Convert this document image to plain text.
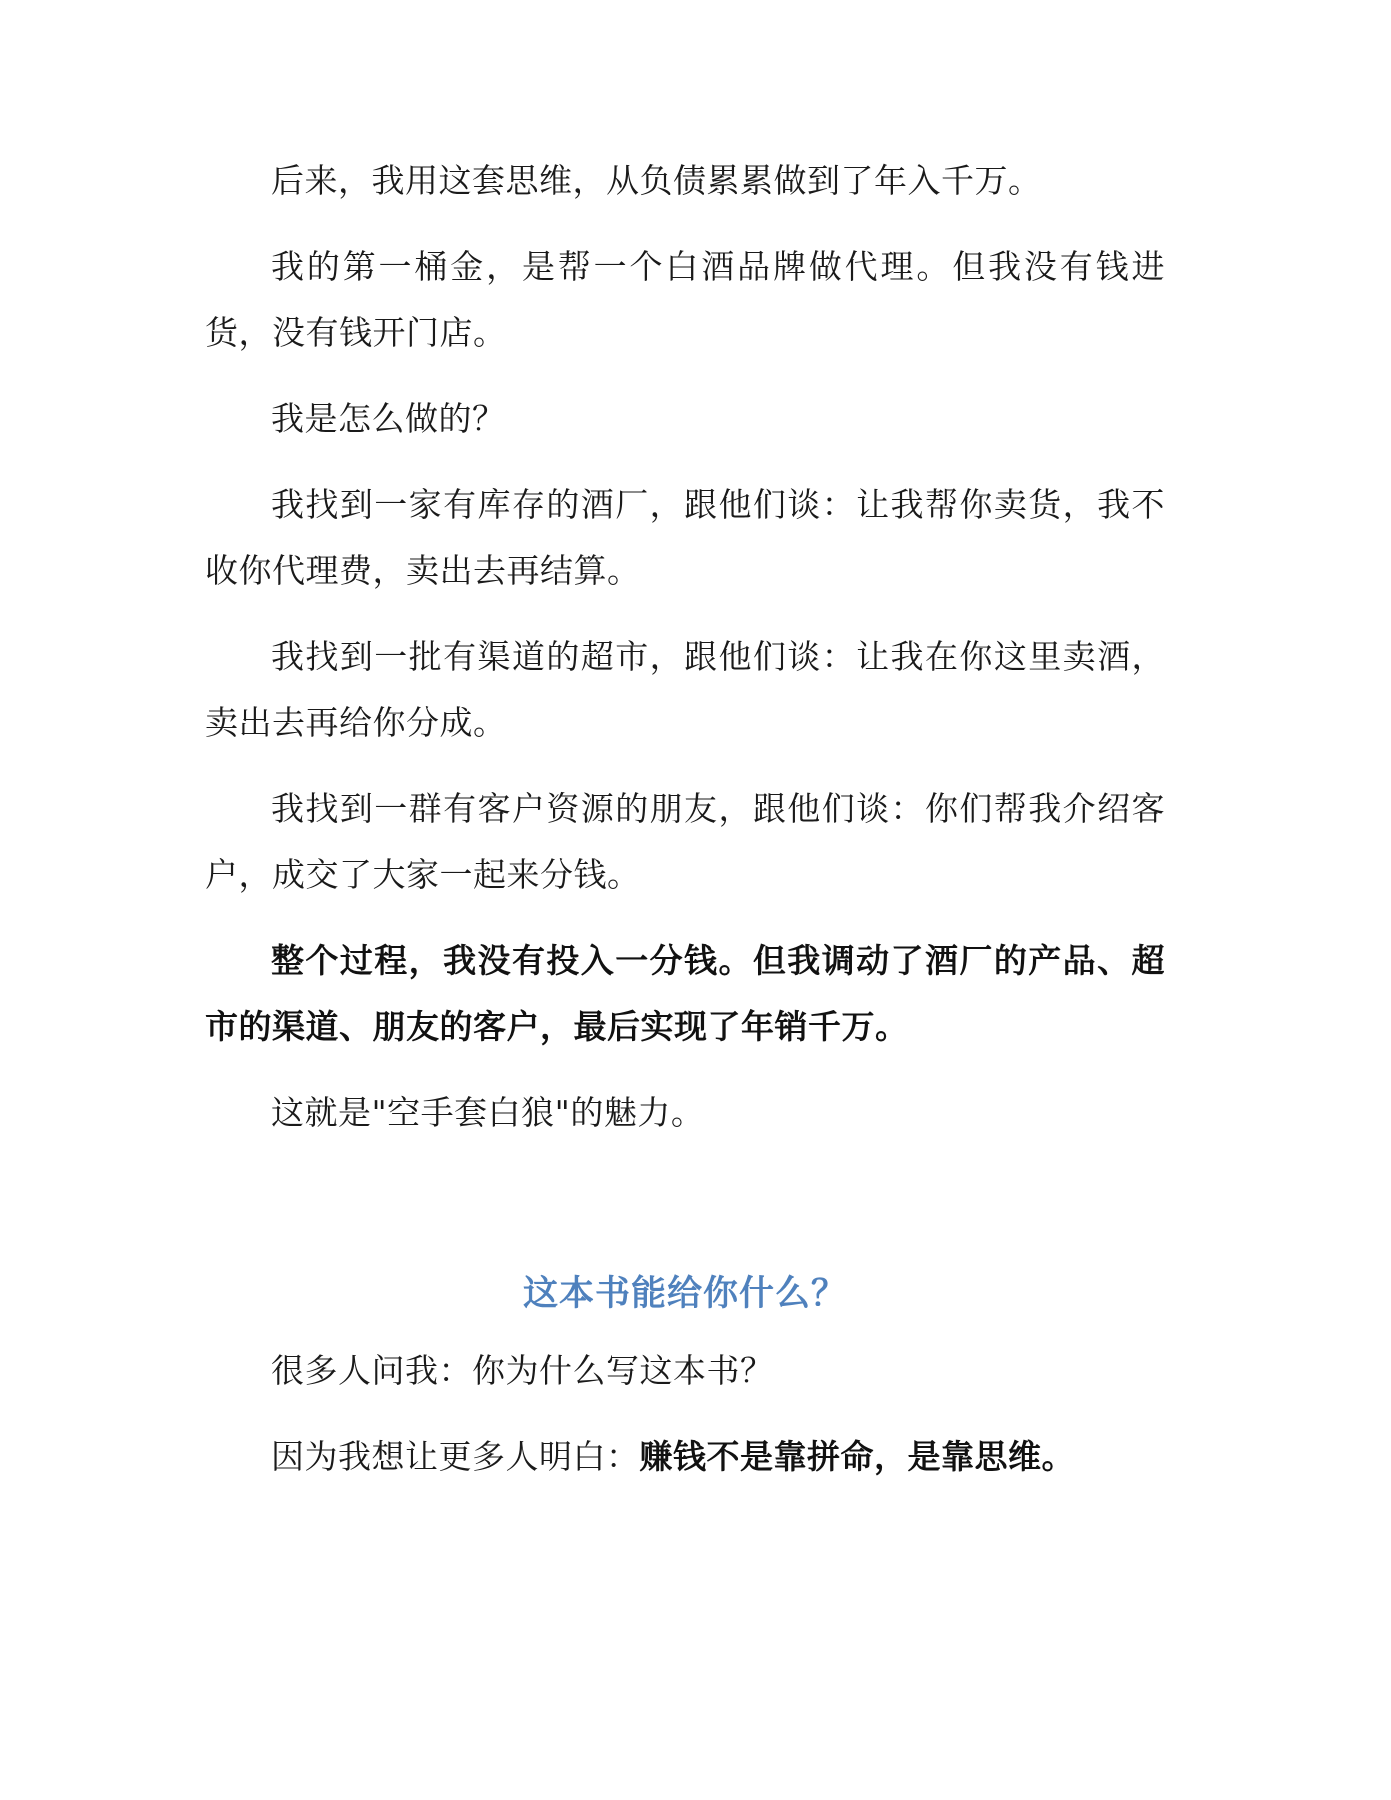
后来，我用这套思维，从负债累累做到了年入千万。

我的第一桶金，是帮一个白酒品牌做代理。但我没有钱进货，没有钱开门店。

我是怎么做的？

我找到一家有库存的酒厂，跟他们谈：让我帮你卖货，我不收你代理费，卖出去再结算。

我找到一批有渠道的超市，跟他们谈：让我在你这里卖酒，卖出去再给你分成。

我找到一群有客户资源的朋友，跟他们谈：你们帮我介绍客户，成交了大家一起来分钱。

整个过程，我没有投入一分钱。但我调动了酒厂的产品、超市的渠道、朋友的客户，最后实现了年销千万。

这就是"空手套白狼"的魅力。

这本书能给你什么？

很多人问我：你为什么写这本书？

因为我想让更多人明白：赚钱不是靠拼命，是靠思维。
